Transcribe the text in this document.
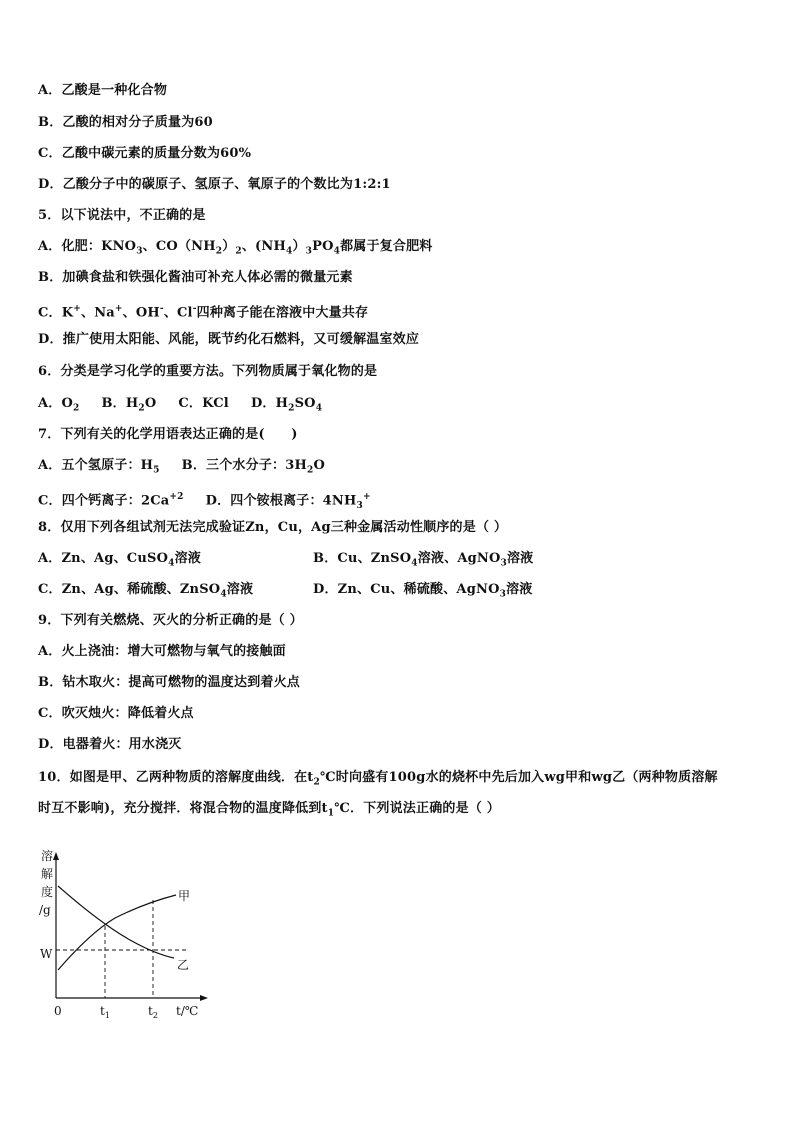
A．乙酸是一种化合物
B．乙酸的相对分子质量为60
C．乙酸中碳元素的质量分数为60%
D．乙酸分子中的碳原子、氢原子、氧原子的个数比为1:2:1
5．以下说法中，不正确的是
A．化肥：$KNO_3$、$CO(NH_2)_2$、$(NH_4)_3PO_4$都属于复合肥料
B．加碘食盐和铁强化酱油可补充人体必需的微量元素
C．K+、Na+、OH-、Cl-四种离子能在溶液中大量共存
D．推广使用太阳能、风能，既节约化石燃料，又可缓解温室效应
6．分类是学习化学的重要方法。下列物质属于氧化物的是
A．$O_2$ B．$H_2O$ C．KCl D．$H_2SO_4$
7．下列有关的化学用语表达正确的是(　　)
A．五个氢原子：$H_5$ B．三个水分子：$3H_2O$
C．四个钙离子：$2Ca^{+2}$ D．四个铵根离子：$4NH_3^+$
8．仅用下列各组试剂无法完成验证Zn，Cu，Ag三种金属活动性顺序的是（ ）
A．Zn、Ag、CuSO$_4$溶液	B．Cu、ZnSO$_4$溶液、AgNO$_3$溶液
C．Zn、Ag、稀硫酸、ZnSO$_4$溶液	D．Zn、Cu、稀硫酸、AgNO$_3$溶液
9．下列有关燃烧、灭火的分析正确的是（ ）
A．火上浇油：增大可燃物与氧气的接触面
B．钻木取火：提高可燃物的温度达到着火点
C．吹灭烛火：降低着火点
D．电器着火：用水浇灭
10．如图是甲、乙两种物质的溶解度曲线．在$t_2℃$时向盛有100g水的烧杯中先后加入wg甲和wg乙（两种物质溶解
时互不影响)，充分搅拌．将混合物的温度降低到$t_1℃$．下列说法正确的是（ ）
溶
解
度
/g
W
甲
乙
0	$t_1$	$t_2$ t/℃
